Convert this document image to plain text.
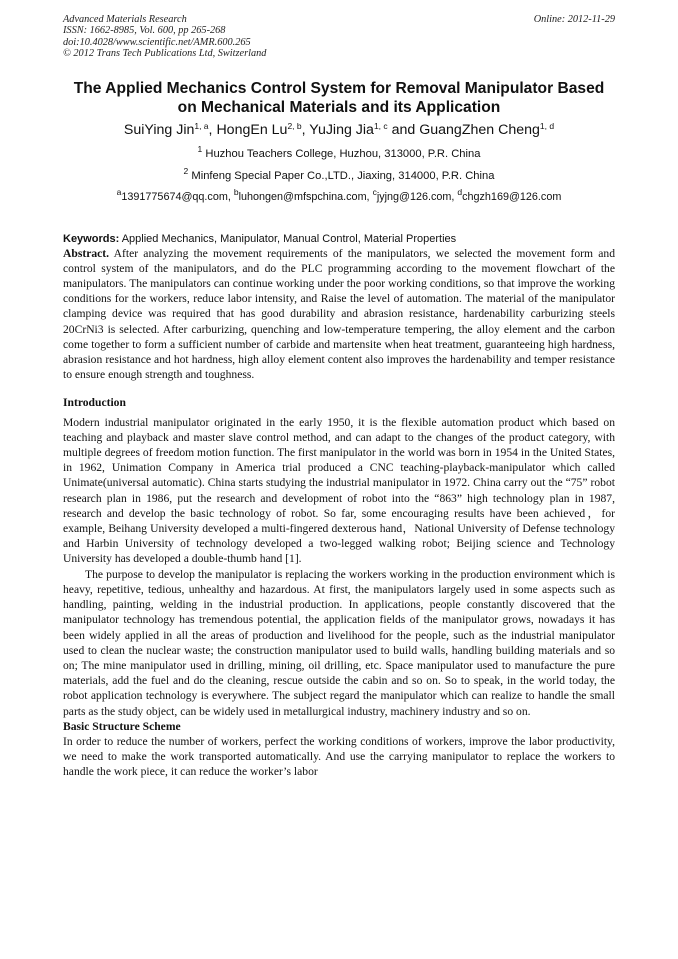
Advanced Materials Research
ISSN: 1662-8985, Vol. 600, pp 265-268
doi:10.4028/www.scientific.net/AMR.600.265
© 2012 Trans Tech Publications Ltd, Switzerland
Online: 2012-11-29
The Applied Mechanics Control System for Removal Manipulator Based
on Mechanical Materials and its Application
SuiYing Jin$^{1, a}$, HongEn Lu$^{2, b}$, YuJing Jia$^{1, c}$ and GuangZhen Cheng$^{1, d}$
$^1$ Huzhou Teachers College, Huzhou, 313000, P.R. China
$^2$ Minfeng Special Paper Co.,LTD., Jiaxing, 314000, P.R. China
$^a$1391775674@qq.com, $^b$luhongen@mfspchina.com, $^c$jyjng@126.com, $^d$chgzh169@126.com
Keywords: Applied Mechanics, Manipulator, Manual Control, Material Properties

Abstract. After analyzing the movement requirements of the manipulators, we selected the movement form and control system of the manipulators, and do the PLC programming according to the movement flowchart of the manipulators. The manipulators can continue working under the poor working conditions, so that improve the working conditions for the workers, reduce labor intensity, and Raise the level of automation. The material of the manipulator clamping device was required that has good durability and abrasion resistance, hardenability carburizing steels 20CrNi3 is selected. After carburizing, quenching and low-temperature tempering, the alloy element and the carbon come together to form a sufficient number of carbide and martensite when heat treatment, guaranteeing high hardness, abrasion resistance and hot hardness, high alloy element content also improves the hardenability and temper resistance to ensure enough strength and toughness.

Introduction

Modern industrial manipulator originated in the early 1950, it is the flexible automation product which based on teaching and playback and master slave control method, and can adapt to the changes of the product category, with multiple degrees of freedom motion function. The first manipulator in the world was born in 1954 in the United States, in 1962, Unimation Company in America trial produced a CNC teaching-playback-manipulator which called Unimate(universal automatic). China starts studying the industrial manipulator in 1972. China carry out the “75” robot research plan in 1986, put the research and development of robot into the “863” high technology plan in 1987, research and develop the basic technology of robot. So far, some encouraging results have been achieved，for example, Beihang University developed a multi-fingered dexterous hand，National University of Defense technology and Harbin University of technology developed a two-legged walking robot; Beijing science and Technology University has developed a double-thumb hand [1].

The purpose to develop the manipulator is replacing the workers working in the production environment which is heavy, repetitive, tedious, unhealthy and hazardous. At first, the manipulators largely used in some aspects such as handling, painting, welding in the industrial production. In applications, people constantly discovered that the manipulator technology has tremendous potential, the application fields of the manipulator grows, nowadays it has been widely applied in all the areas of production and livelihood for the people, such as the industrial manipulator used to clean the nuclear waste; the construction manipulator used to build walls, handling building materials and so on; The mine manipulator used in drilling, mining, oil drilling, etc. Space manipulator used to manufacture the pure materials, add the fuel and do the cleaning, rescue outside the cabin and so on. So to speak, in the world today, the robot application technology is everywhere. The subject regard the manipulator which can realize to handle the small parts as the study object, can be widely used in metallurgical industry, machinery industry and so on.

Basic Structure Scheme

In order to reduce the number of workers, perfect the working conditions of workers, improve the labor productivity, we need to make the work transported automatically. And use the carrying manipulator to replace the workers to handle the work piece, it can reduce the worker’s labor
